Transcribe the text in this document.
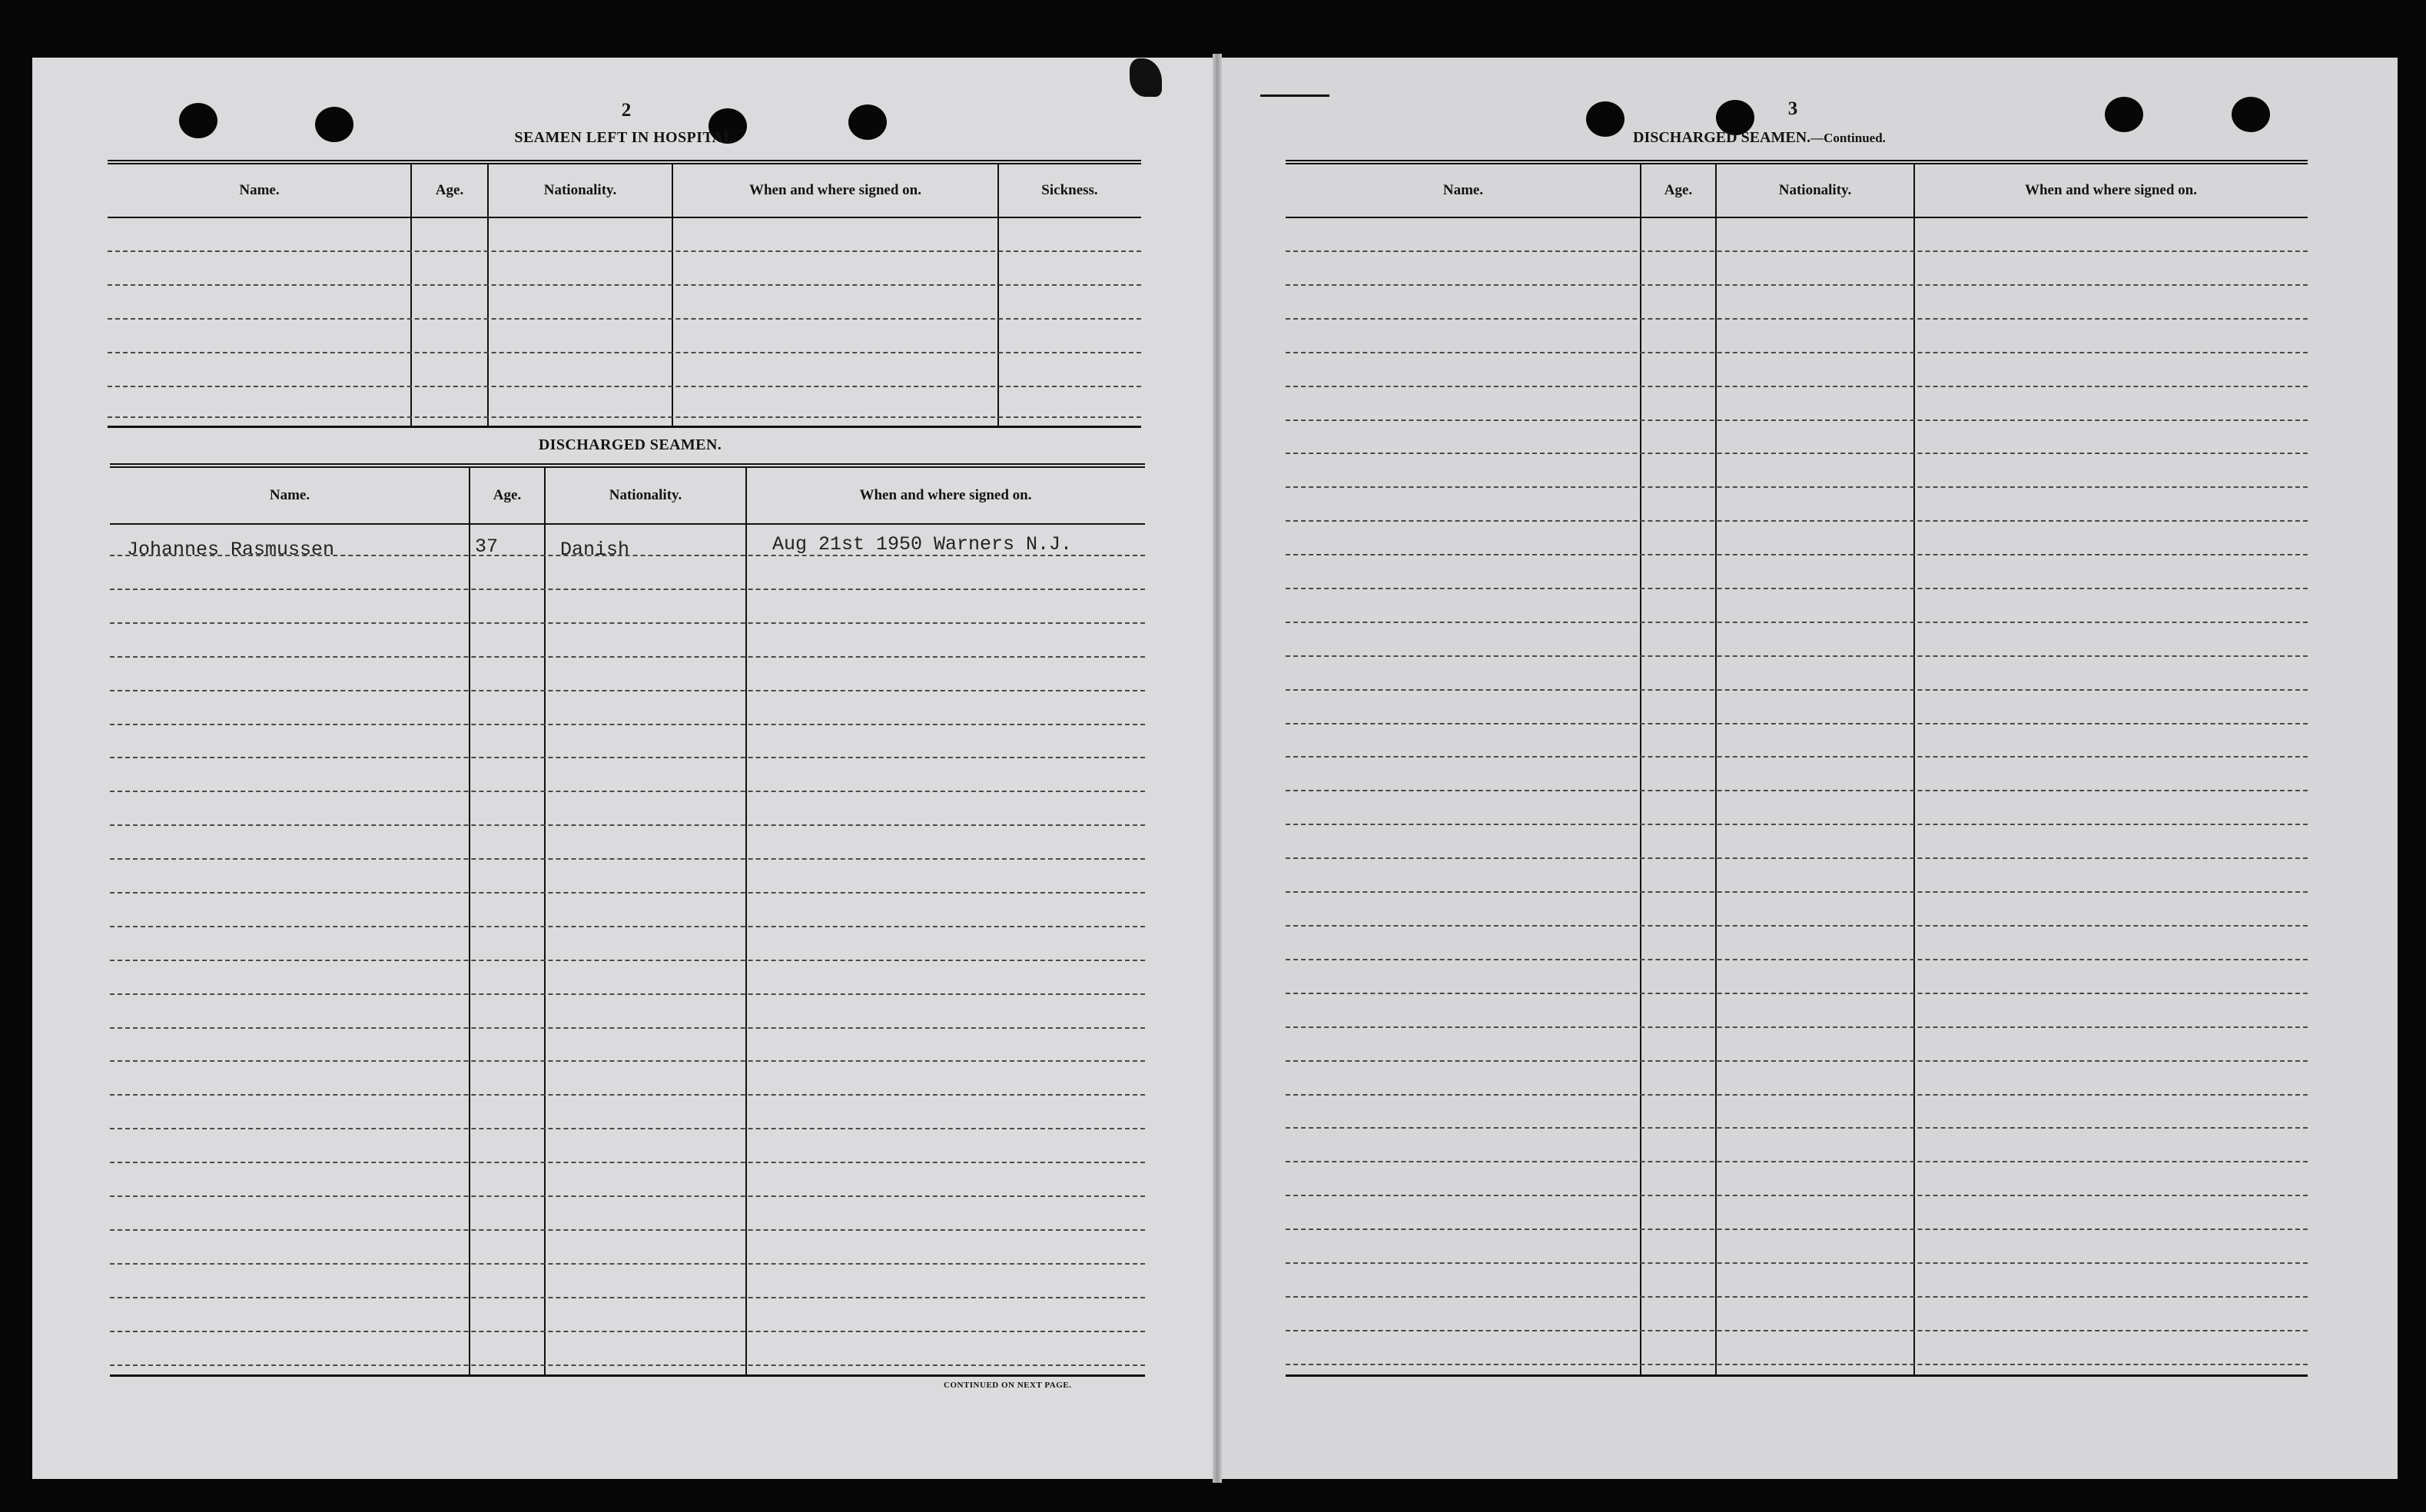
2
SEAMEN LEFT IN HOSPITAL.
Name.	Age.	Nationality.	When and where signed on.	Sickness.
DISCHARGED SEAMEN.
Name.	Age.	Nationality.	When and where signed on.
Johannes Rasmussen	37	Danish	Aug 21st 1950 Warners N.J.
CONTINUED ON NEXT PAGE.
3
DISCHARGED SEAMEN.—Continued.
Name.	Age.	Nationality.	When and where signed on.
